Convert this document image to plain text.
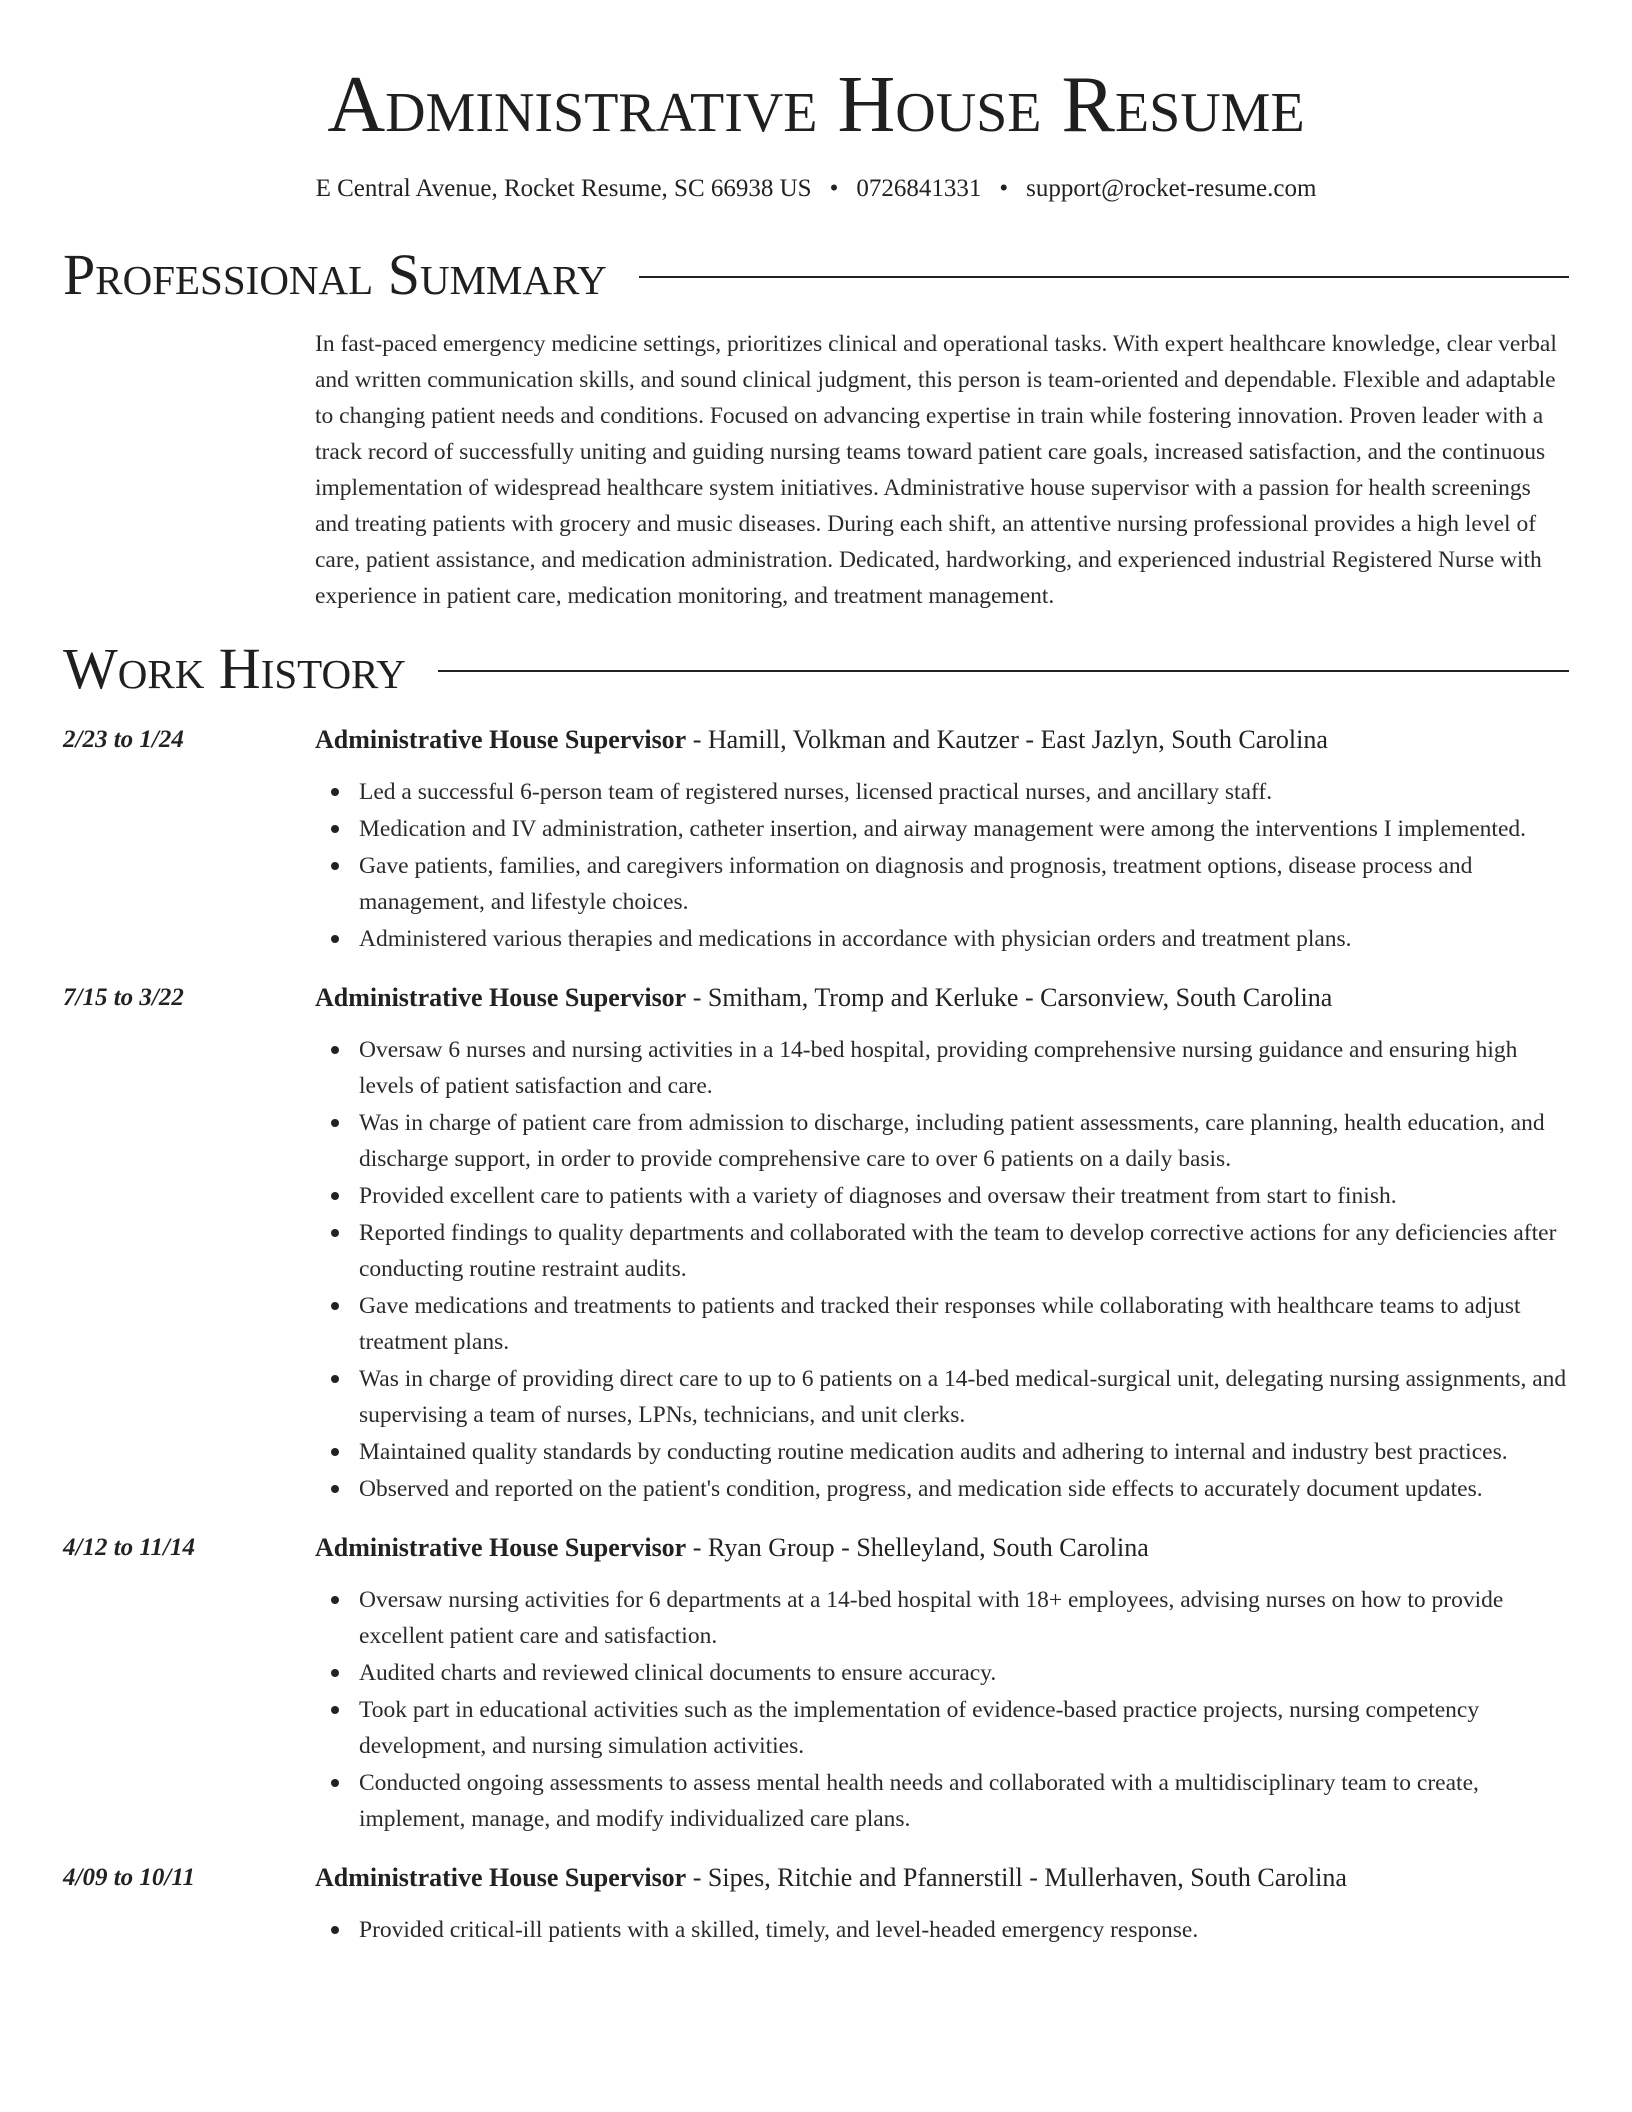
Administrative House Resume
E Central Avenue, Rocket Resume, SC 66938 US • 0726841331 • support@rocket-resume.com
Professional Summary

In fast-paced emergency medicine settings, prioritizes clinical and operational tasks. With expert healthcare knowledge, clear verbal and written communication skills, and sound clinical judgment, this person is team-oriented and dependable. Flexible and adaptable to changing patient needs and conditions. Focused on advancing expertise in train while fostering innovation. Proven leader with a track record of successfully uniting and guiding nursing teams toward patient care goals, increased satisfaction, and the continuous implementation of widespread healthcare system initiatives. Administrative house supervisor with a passion for health screenings and treating patients with grocery and music diseases. During each shift, an attentive nursing professional provides a high level of care, patient assistance, and medication administration. Dedicated, hardworking, and experienced industrial Registered Nurse with experience in patient care, medication monitoring, and treatment management.

Work History
2/23 to 1/24	Administrative House Supervisor - Hamill, Volkman and Kautzer - East Jazlyn, South Carolina
Led a successful 6-person team of registered nurses, licensed practical nurses, and ancillary staff.
Medication and IV administration, catheter insertion, and airway management were among the interventions I implemented.
Gave patients, families, and caregivers information on diagnosis and prognosis, treatment options, disease process and management, and lifestyle choices.
Administered various therapies and medications in accordance with physician orders and treatment plans.
7/15 to 3/22	Administrative House Supervisor - Smitham, Tromp and Kerluke - Carsonview, South Carolina
Oversaw 6 nurses and nursing activities in a 14-bed hospital, providing comprehensive nursing guidance and ensuring high levels of patient satisfaction and care.
Was in charge of patient care from admission to discharge, including patient assessments, care planning, health education, and discharge support, in order to provide comprehensive care to over 6 patients on a daily basis.
Provided excellent care to patients with a variety of diagnoses and oversaw their treatment from start to finish.
Reported findings to quality departments and collaborated with the team to develop corrective actions for any deficiencies after conducting routine restraint audits.
Gave medications and treatments to patients and tracked their responses while collaborating with healthcare teams to adjust treatment plans.
Was in charge of providing direct care to up to 6 patients on a 14-bed medical-surgical unit, delegating nursing assignments, and supervising a team of nurses, LPNs, technicians, and unit clerks.
Maintained quality standards by conducting routine medication audits and adhering to internal and industry best practices.
Observed and reported on the patient's condition, progress, and medication side effects to accurately document updates.
4/12 to 11/14	Administrative House Supervisor - Ryan Group - Shelleyland, South Carolina
Oversaw nursing activities for 6 departments at a 14-bed hospital with 18+ employees, advising nurses on how to provide excellent patient care and satisfaction.
Audited charts and reviewed clinical documents to ensure accuracy.
Took part in educational activities such as the implementation of evidence-based practice projects, nursing competency development, and nursing simulation activities.
Conducted ongoing assessments to assess mental health needs and collaborated with a multidisciplinary team to create, implement, manage, and modify individualized care plans.
4/09 to 10/11	Administrative House Supervisor - Sipes, Ritchie and Pfannerstill - Mullerhaven, South Carolina
Provided critical-ill patients with a skilled, timely, and level-headed emergency response.
